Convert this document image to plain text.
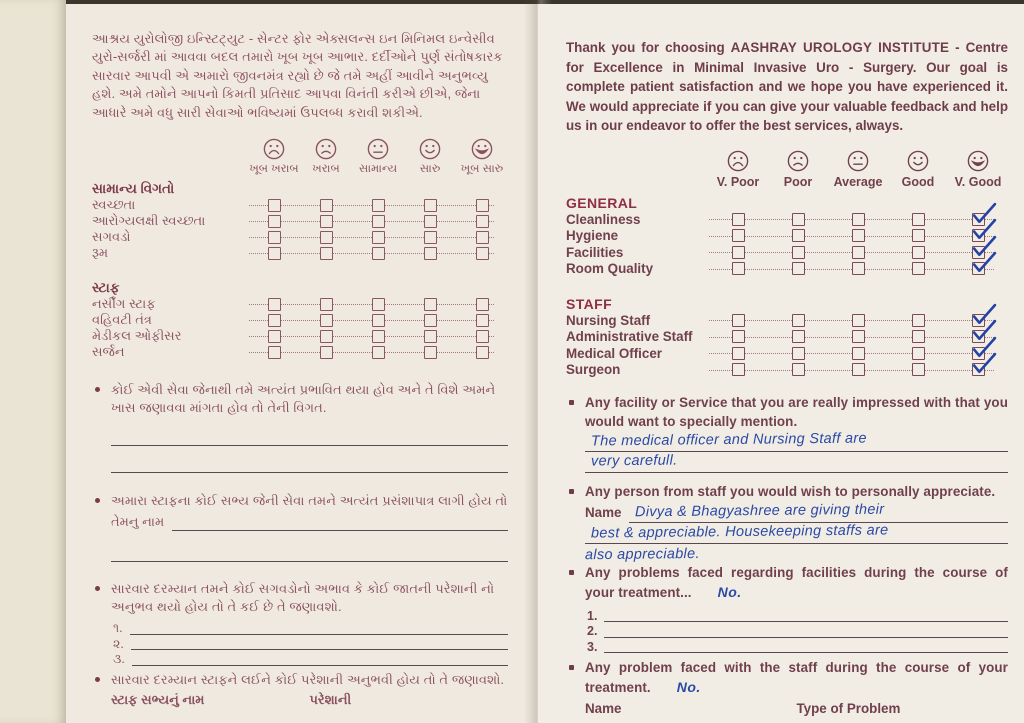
આશ્રય યુરોલોજી ઇન્સ્ટિટ્યુટ - સેન્ટર ફોર એક્સલન્સ ઇન મિનિમલ ઇન્વેસીવ યુરો-સર્જરી માં આવવા બદલ તમારો ખૂબ ખૂબ આભાર. દર્દીઓને પુર્ણ સંતોષકારક સારવાર આપવી એ અમારો જીવનમંત્ર રહ્યો છે જે તમે અહીં આવીને અનુભવ્યુ હશે. અમે તમોને આપનો કિમતી પ્રતિસાદ આપવા વિનંતી કરીએ છીએ, જેના આધારે અમે વધુ સારી સેવાઓ ભવિષ્યમાં ઉપલબ્ધ કરાવી શકીએ.

ખૂબ ખરાબ ખરાબ સામાન્ય સારુ ખૂબ સારુ
સામાન્ય વિગતો
સ્વચ્છતા
આરોગ્યલક્ષી સ્વચ્છતા
સગવડો
રૂમ
સ્ટાફ
નર્સીંગ સ્ટાફ
વહિવટી તંત્ર
મેડીકલ ઓફીસર
સર્જન
કોઈ એવી સેવા જેનાથી તમે અત્યંત પ્રભાવિત થયા હોવ અને તે વિશે અમને ખાસ જણાવવા માંગતા હોવ તો તેની વિગત.
અમારા સ્ટાફના કોઈ સભ્ય જેની સેવા તમને અત્યંત પ્રસંશાપાત્ર લાગી હોય તો
તેમનુ નામ
સારવાર દરમ્યાન તમને કોઈ સગવડોનો અભાવ કે કોઈ જાતની પરેશાની નો અનુભવ થયો હોય તો તે કઈ છે તે જણાવશો.
૧.
૨.
૩.
સારવાર દરમ્યાન સ્ટાફને લઈને કોઈ પરેશાની અનુભવી હોય તો તે જણાવશો.
સ્ટાફ સભ્યનું નામ	પરેશાની

Thank you for choosing AASHRAY UROLOGY INSTITUTE - Centre for Excellence in Minimal Invasive Uro - Surgery. Our goal is complete patient satisfaction and we hope you have experienced it. We would appreciate if you can give your valuable feedback and help us in our endeavor to offer the best services, always.

V. Poor Poor Average Good V. Good
GENERAL
Cleanliness
Hygiene
Facilities
Room Quality
STAFF
Nursing Staff
Administrative Staff
Medical Officer
Surgeon
Any facility or Service that you are really impressed with that you would want to specially mention.
The medical officer and Nursing Staff are
very carefull.
Any person from staff you would wish to personally appreciate.
Name Divya & Bhagyashree are giving their
best & appreciable. Housekeeping staffs are
also appreciable.
Any problems faced regarding facilities during the course of your treatment... No.
1.
2.
3.
Any problem faced with the staff during the course of your treatment. No.
Name	Type of Problem
